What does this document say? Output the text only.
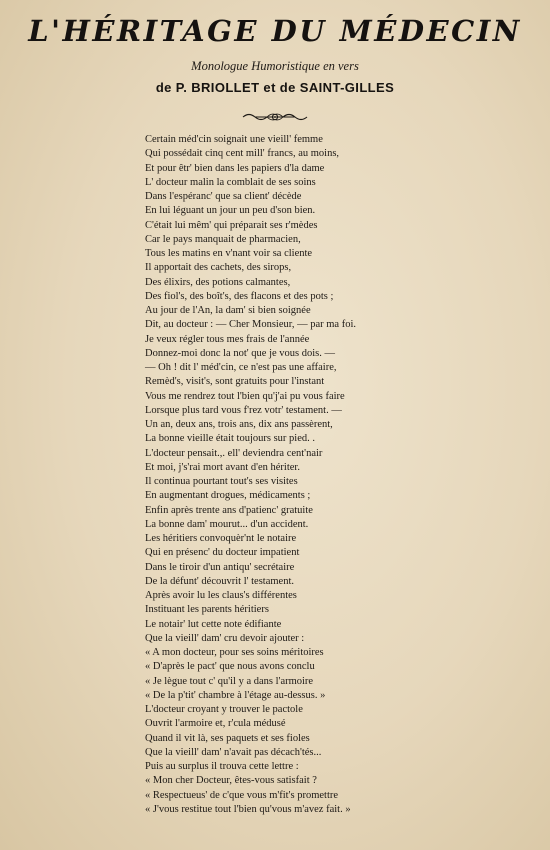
L'HÉRITAGE DU MÉDECIN
Monologue Humoristique en vers
de P. BRIOLLET et de SAINT-GILLES
Certain méd'cin soignait une vieill' femme
Qui possédait cinq cent mill' francs, au moins,
Et pour êtr' bien dans les papiers d'la dame
L' docteur malin la comblait de ses soins
Dans l'espéranc' que sa client' décède
En lui léguant un jour un peu d'son bien.
C'était lui mêm' qui préparait ses r'mèdes
Car le pays manquait de pharmacien,
Tous les matins en v'nant voir sa cliente
Il apportait des cachets, des sirops,
Des élixirs, des potions calmantes,
Des fiol's, des boît's, des flacons et des pots ;
Au jour de l'An, la dam' si bien soignée
Dit, au docteur : — Cher Monsieur, — par ma foi.
Je veux régler tous mes frais de l'année
Donnez-moi donc la not' que je vous dois. —
— Oh ! dit l' méd'cin, ce n'est pas une affaire,
Remèd's, visit's, sont gratuits pour l'instant
Vous me rendrez tout l'bien qu'j'ai pu vous faire
Lorsque plus tard vous f'rez votr' testament. —
Un an, deux ans, trois ans, dix ans passèrent,
La bonne vieille était toujours sur pied. .
L'docteur pensait.,. ell' deviendra cent'nair
Et moi, j's'rai mort avant d'en hériter.
Il continua pourtant tout's ses visites
En augmentant drogues, médicaments ;
Enfin après trente ans d'patienc' gratuite
La bonne dam' mourut... d'un accident.
Les héritiers convoquèr'nt le notaire
Qui en présenc' du docteur impatient
Dans le tiroir d'un antiqu' secrétaire
De la défunt' découvrit l' testament.
Après avoir lu les claus's différentes
Instituant les parents héritiers
Le notair' lut cette note édifiante
Que la vieill' dam' cru devoir ajouter :
« A mon docteur, pour ses soins méritoires
« D'après le pact' que nous avons conclu
« Je lègue tout c' qu'il y a dans l'armoire
« De la p'tit' chambre à l'étage au-dessus. »
L'docteur croyant y trouver le pactole
Ouvrit l'armoire et, r'cula médusé
Quand il vit là, ses paquets et ses fioles
Que la vieill' dam' n'avait pas décach'tés...
Puis au surplus il trouva cette lettre :
« Mon cher Docteur, êtes-vous satisfait ?
« Respectueus' de c'que vous m'fit's promettre
« J'vous restitue tout l'bien qu'vous m'avez fait. »
